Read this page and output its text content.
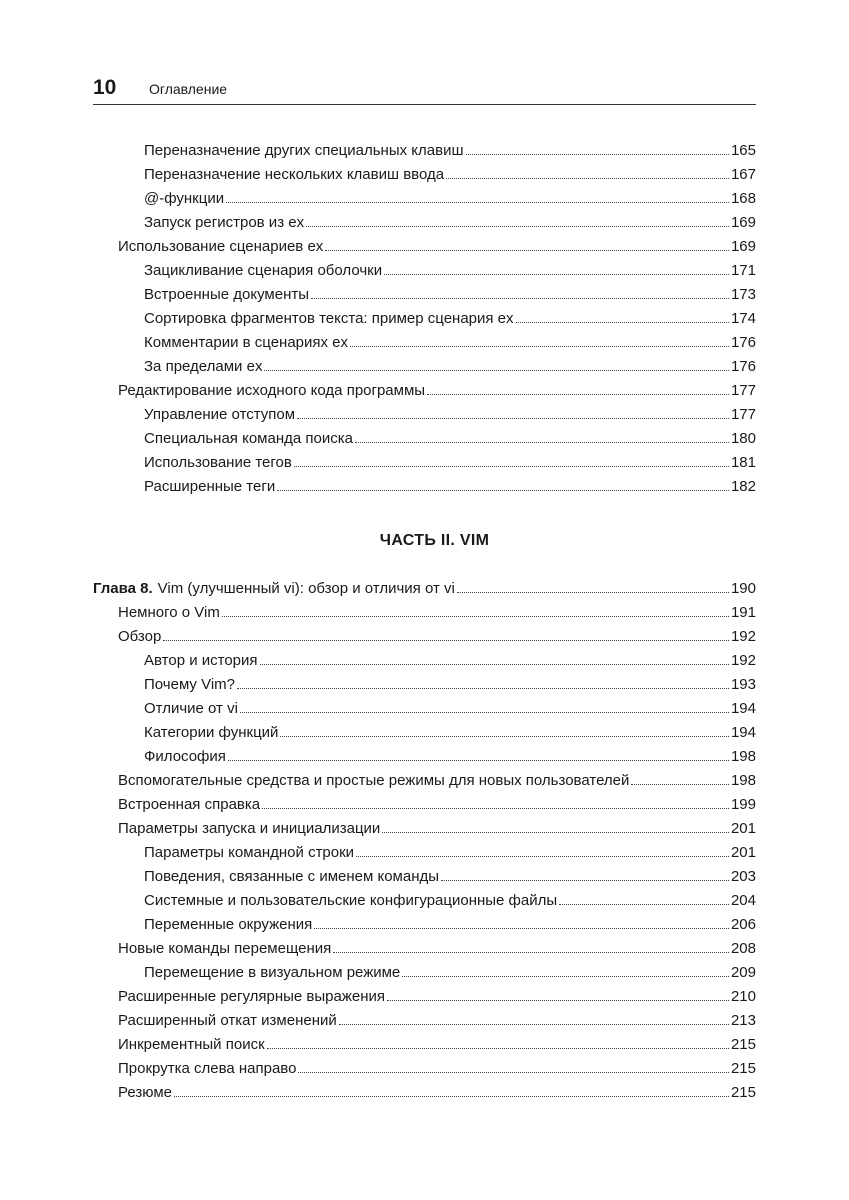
10 Оглавление
Переназначение других специальных клавиш	165
Переназначение нескольких клавиш ввода	167
@-функции	168
Запуск регистров из ex	169
Использование сценариев ex	169
Зацикливание сценария оболочки	171
Встроенные документы	173
Сортировка фрагментов текста: пример сценария ex	174
Комментарии в сценариях ex	176
За пределами ex	176
Редактирование исходного кода программы	177
Управление отступом	177
Специальная команда поиска	180
Использование тегов	181
Расширенные теги	182
ЧАСТЬ II. VIM
Глава 8. Vim (улучшенный vi): обзор и отличия от vi	190
Немного о Vim	191
Обзор	192
Автор и история	192
Почему Vim?	193
Отличие от vi	194
Категории функций	194
Философия	198
Вспомогательные средства и простые режимы для новых пользователей	198
Встроенная справка	199
Параметры запуска и инициализации	201
Параметры командной строки	201
Поведения, связанные с именем команды	203
Системные и пользовательские конфигурационные файлы	204
Переменные окружения	206
Новые команды перемещения	208
Перемещение в визуальном режиме	209
Расширенные регулярные выражения	210
Расширенный откат изменений	213
Инкрементный поиск	215
Прокрутка слева направо	215
Резюме	215
